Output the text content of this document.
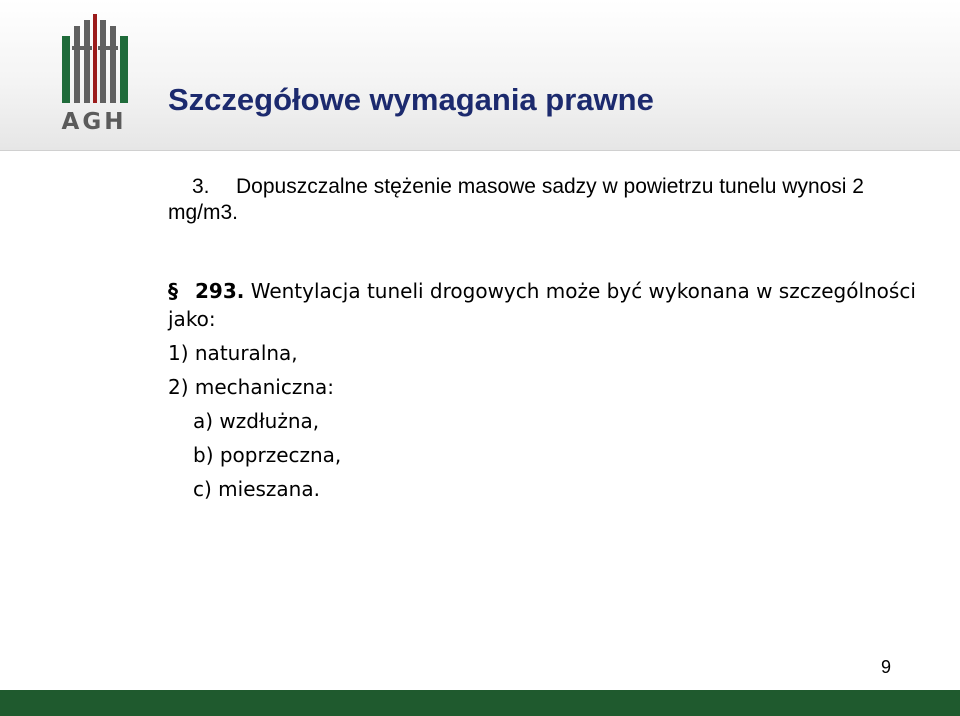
AGH
Szczegółowe wymagania prawne

3. Dopuszczalne stężenie masowe sadzy w powietrzu tunelu wynosi 2 mg/m3.

§ 293. Wentylacja tuneli drogowych może być wykonana w szczególności jako:

1) naturalna,
2) mechaniczna:
a) wzdłużna,
b) poprzeczna,
c) mieszana.
9
